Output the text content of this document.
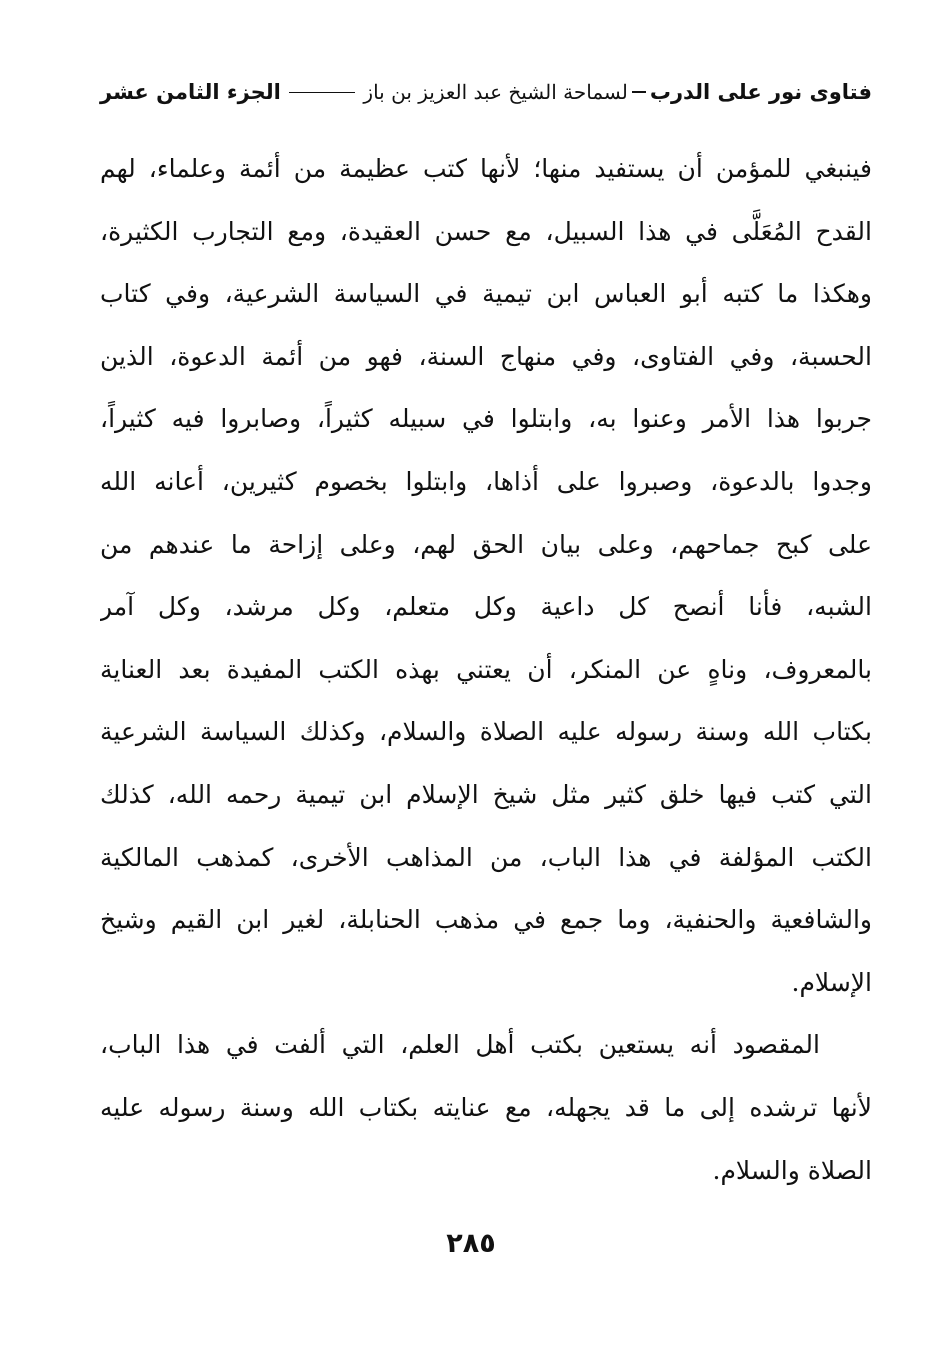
فتاوى نور على الدرب
لسماحة الشيخ عبد العزيز بن باز
الجزء الثامن عشر
فينبغي للمؤمن أن يستفيد منها؛ لأنها كتب عظيمة من أئمة وعلماء، لهم
القدح المُعَلَّى في هذا السبيل، مع حسن العقيدة، ومع التجارب الكثيرة،
وهكذا ما كتبه أبو العباس ابن تيمية في السياسة الشرعية، وفي كتاب
الحسبة، وفي الفتاوى، وفي منهاج السنة، فهو من أئمة الدعوة، الذين
جربوا هذا الأمر وعنوا به، وابتلوا في سبيله كثيراً، وصابروا فيه كثيراً،
وجدوا بالدعوة، وصبروا على أذاها، وابتلوا بخصوم كثيرين، أعانه الله
على كبح جماحهم، وعلى بيان الحق لهم، وعلى إزاحة ما عندهم من
الشبه، فأنا أنصح كل داعية وكل متعلم، وكل مرشد، وكل آمر
بالمعروف، وناهٍ عن المنكر، أن يعتني بهذه الكتب المفيدة بعد العناية
بكتاب الله وسنة رسوله عليه الصلاة والسلام، وكذلك السياسة الشرعية
التي كتب فيها خلق كثير مثل شيخ الإسلام ابن تيمية رحمه الله، كذلك
الكتب المؤلفة في هذا الباب، من المذاهب الأخرى، كمذهب المالكية
والشافعية والحنفية، وما جمع في مذهب الحنابلة، لغير ابن القيم وشيخ
الإسلام.
المقصود أنه يستعين بكتب أهل العلم، التي ألفت في هذا الباب،
لأنها ترشده إلى ما قد يجهله، مع عنايته بكتاب الله وسنة رسوله عليه
الصلاة والسلام.
٢٨٥
